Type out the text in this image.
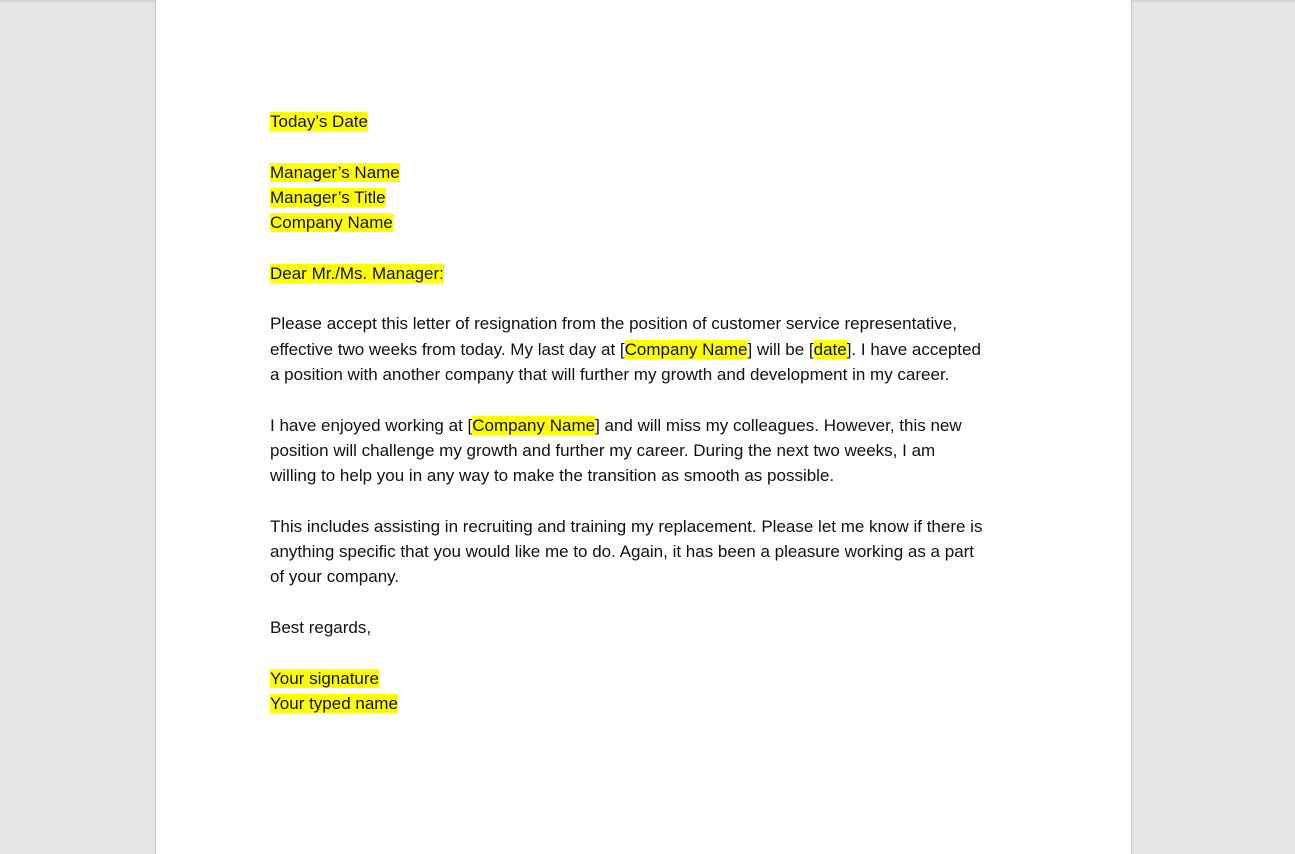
Today’s Date
Manager’s Name
Manager’s Title
Company Name
Dear Mr./Ms. Manager:
Please accept this letter of resignation from the position of customer service representative,
effective two weeks from today. My last day at [Company Name] will be [date]. I have accepted
a position with another company that will further my growth and development in my career.
I have enjoyed working at [Company Name] and will miss my colleagues. However, this new
position will challenge my growth and further my career. During the next two weeks, I am
willing to help you in any way to make the transition as smooth as possible.
This includes assisting in recruiting and training my replacement. Please let me know if there is
anything specific that you would like me to do. Again, it has been a pleasure working as a part
of your company.
Best regards,
Your signature
Your typed name
